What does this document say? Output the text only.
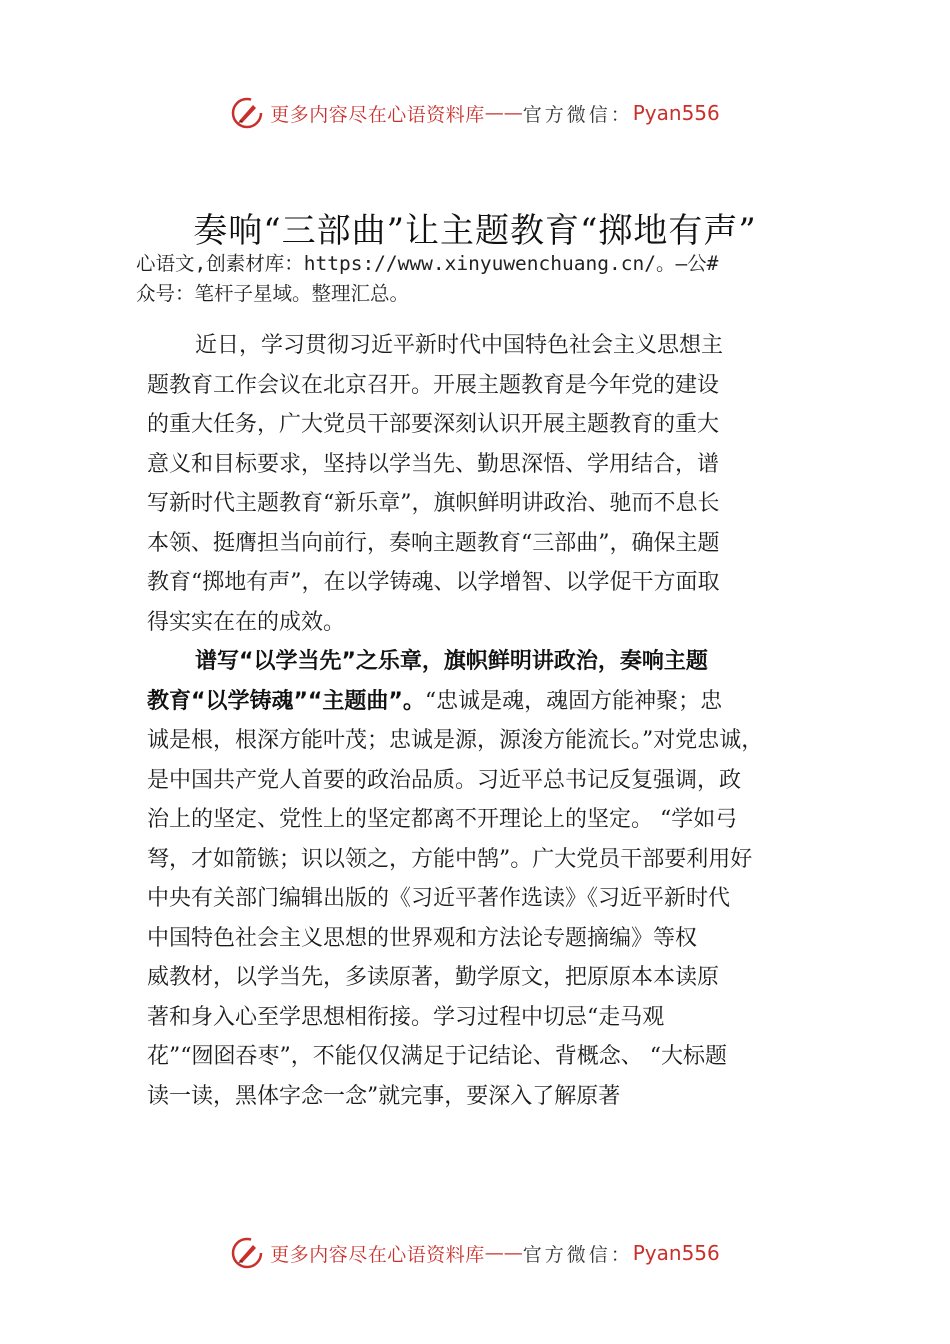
更多内容尽在心语资料库 —— 官方微信： Pyan556
奏响“三部曲”让主题教育“掷地有声”
心语文,创素材库：https://www.xinyuwenchuang.cn/。—公#
众号：笔杆子星域。整理汇总。
近日，学习贯彻习近平新时代中国特色社会主义思想主
题教育工作会议在北京召开。开展主题教育是今年党的建设
的重大任务，广大党员干部要深刻认识开展主题教育的重大
意义和目标要求，坚持以学当先、勤思深悟、学用结合，谱
写新时代主题教育“新乐章”，旗帜鲜明讲政治、驰而不息长
本领、挺膺担当向前行，奏响主题教育“三部曲”，确保主题
教育“掷地有声”，在以学铸魂、以学增智、以学促干方面取
得实实在在的成效。
谱写“以学当先”之乐章，旗帜鲜明讲政治，奏响主题
教育“以学铸魂”“主题曲”。“忠诚是魂，魂固方能神聚；忠
诚是根，根深方能叶茂；忠诚是源，源浚方能流长。”对党忠诚，
是中国共产党人首要的政治品质。习近平总书记反复强调，政
治上的坚定、党性上的坚定都离不开理论上的坚定。 “学如弓
弩，才如箭镞；识以领之，方能中鹄”。广大党员干部要利用好
中央有关部门编辑出版的《习近平著作选读》《习近平新时代
中国特色社会主义思想的世界观和方法论专题摘编》等权
威教材，以学当先，多读原著，勤学原文，把原原本本读原
著和身入心至学思想相衔接。学习过程中切忌“走马观
花”“囫囵吞枣”，不能仅仅满足于记结论、背概念、 “大标题
读一读，黑体字念一念”就完事，要深入了解原著
更多内容尽在心语资料库 —— 官方微信： Pyan556
